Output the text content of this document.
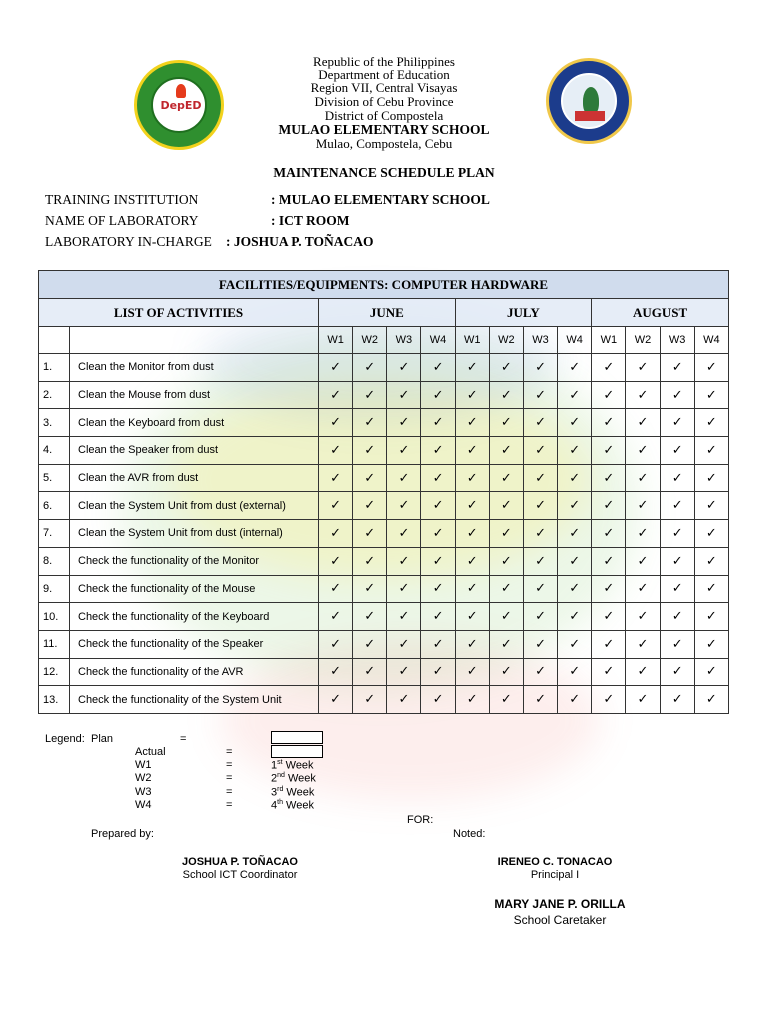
DepED
Republic of the Philippines
Department of Education
Region VII, Central Visayas
Division of Cebu Province
District of Compostela
MULAO ELEMENTARY SCHOOL
Mulao, Compostela, Cebu
MAINTENANCE SCHEDULE PLAN
TRAINING INSTITUTION	: MULAO ELEMENTARY SCHOOL
NAME OF LABORATORY	: ICT ROOM
LABORATORY IN-CHARGE : JOSHUA P. TOÑACAO
FACILITIES/EQUIPMENTS: COMPUTER HARDWARE													
LIST OF ACTIVITIES		JUNE				JULY				AUGUST			
		W1	W2	W3	W4	W1	W2	W3	W4	W1	W2	W3	W4
1.	Clean the Monitor from dust	✓	✓	✓	✓	✓	✓	✓	✓	✓	✓	✓	✓
2.	Clean the Mouse from dust	✓	✓	✓	✓	✓	✓	✓	✓	✓	✓	✓	✓
3.	Clean the Keyboard from dust	✓	✓	✓	✓	✓	✓	✓	✓	✓	✓	✓	✓
4.	Clean the Speaker from dust	✓	✓	✓	✓	✓	✓	✓	✓	✓	✓	✓	✓
5.	Clean the AVR from dust	✓	✓	✓	✓	✓	✓	✓	✓	✓	✓	✓	✓
6.	Clean the System Unit from dust (external)	✓	✓	✓	✓	✓	✓	✓	✓	✓	✓	✓	✓
7.	Clean the System Unit from dust (internal)	✓	✓	✓	✓	✓	✓	✓	✓	✓	✓	✓	✓
8.	Check the functionality of the Monitor	✓	✓	✓	✓	✓	✓	✓	✓	✓	✓	✓	✓
9.	Check the functionality of the Mouse	✓	✓	✓	✓	✓	✓	✓	✓	✓	✓	✓	✓
10.	Check the functionality of the Keyboard	✓	✓	✓	✓	✓	✓	✓	✓	✓	✓	✓	✓
11.	Check the functionality of the Speaker	✓	✓	✓	✓	✓	✓	✓	✓	✓	✓	✓	✓
12.	Check the functionality of the AVR	✓	✓	✓	✓	✓	✓	✓	✓	✓	✓	✓	✓
13.	Check the functionality of the System Unit	✓	✓	✓	✓	✓	✓	✓	✓	✓	✓	✓	✓
Legend: Plan	=
Actual	=
W1	=	1st Week
W2	=	2nd Week
W3	=	3rd Week
W4	=	4th Week
FOR:
Prepared by:	Noted:
JOSHUA P. TOÑACAO
School ICT Coordinator
IRENEO C. TONACAO
Principal I
MARY JANE P. ORILLA
School Caretaker
